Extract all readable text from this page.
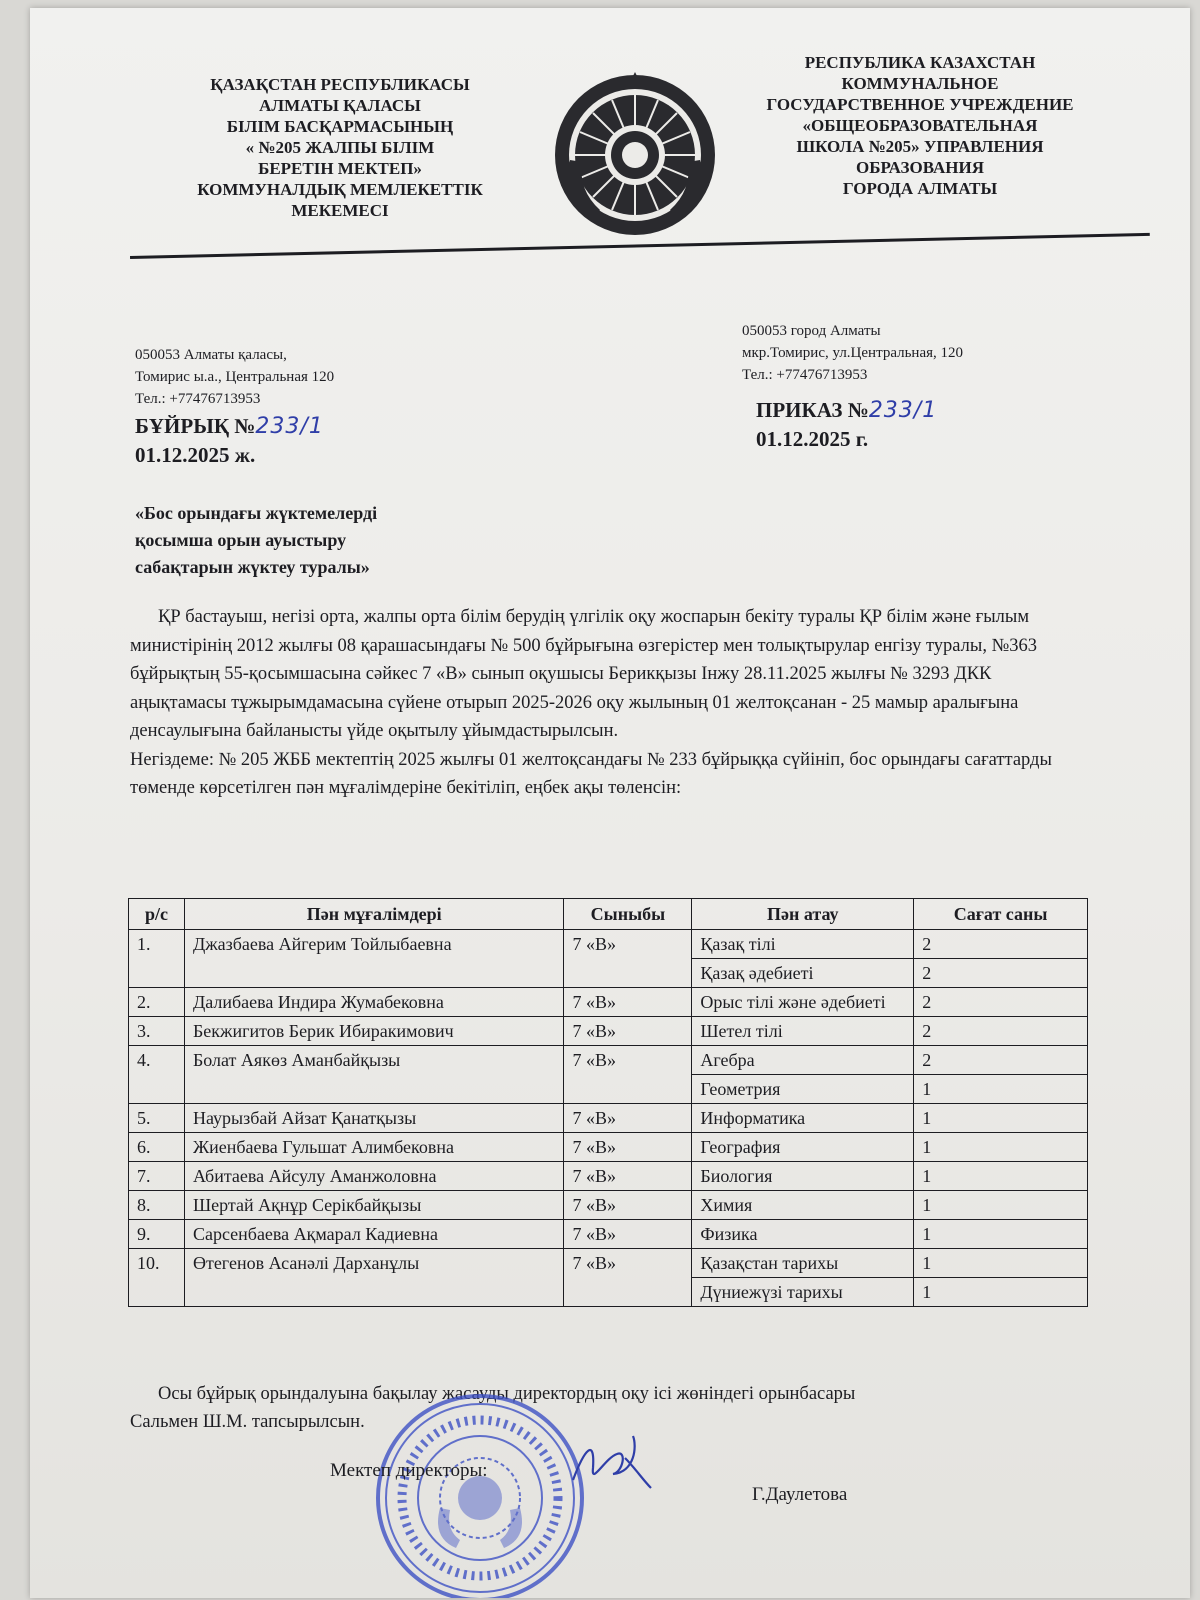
ҚАЗАҚСТАН РЕСПУБЛИКАСЫ
АЛМАТЫ ҚАЛАСЫ
БІЛІМ БАСҚАРМАСЫНЫҢ
« №205 ЖАЛПЫ БІЛІМ
БЕРЕТІН МЕКТЕП»
КОММУНАЛДЫҚ МЕМЛЕКЕТТІК
МЕКЕМЕСІ
РЕСПУБЛИКА КАЗАХСТАН
КОММУНАЛЬНОЕ
ГОСУДАРСТВЕННОЕ УЧРЕЖДЕНИЕ
«ОБЩЕОБРАЗОВАТЕЛЬНАЯ
ШКОЛА №205» УПРАВЛЕНИЯ
ОБРАЗОВАНИЯ
ГОРОДА АЛМАТЫ
050053 Алматы қаласы,
Томирис ы.а., Центральная 120
Тел.: +77476713953
050053 город Алматы
мкр.Томирис, ул.Центральная, 120
Тел.: +77476713953
БҰЙРЫҚ №233/1
01.12.2025 ж.
ПРИКАЗ №233/1
01.12.2025 г.
«Бос орындағы жүктемелерді
қосымша орын ауыстыру
сабақтарын жүктеу туралы»

ҚР бастауыш, негізі орта, жалпы орта білім берудің үлгілік оқу жоспарын бекіту туралы ҚР білім және ғылым министірінің 2012 жылғы 08 қарашасындағы № 500 бұйрығына өзгерістер мен толықтырулар енгізу туралы, №363 бұйрықтың 55-қосымшасына сәйкес 7 «В» сынып оқушысы Берикқызы Інжу 28.11.2025 жылғы № 3293 ДКК аңықтамасы тұжырымдамасына сүйене отырып 2025-2026 оқу жылының 01 желтоқсанан - 25 мамыр аралығына денсаулығына байланысты үйде оқытылу ұйымдастырылсын.

Негіздеме: № 205 ЖББ мектептің 2025 жылғы 01 желтоқсандағы № 233 бұйрыққа сүйініп, бос орындағы сағаттарды төменде көрсетілген пән мұғалімдеріне бекітіліп, еңбек ақы төленсін:

р/с	Пән мұғалімдері	Сыныбы	Пән атау	Сағат саны
1.	Джазбаева Айгерим Тойлыбаевна	7 «В»	Қазақ тілі	2
			Қазақ әдебиеті	2
2.	Далибаева Индира Жумабековна	7 «В»	Орыс тілі және әдебиеті	2
3.	Бекжигитов Берик Ибиракимович	7 «В»	Шетел тілі	2
4.	Болат Аякөз Аманбайқызы	7 «В»	Агебра	2
			Геометрия	1
5.	Наурызбай Айзат Қанатқызы	7 «В»	Информатика	1
6.	Жиенбаева Гульшат Алимбековна	7 «В»	География	1
7.	Абитаева Айсулу Аманжоловна	7 «В»	Биология	1
8.	Шертай Ақнұр Серікбайқызы	7 «В»	Химия	1
9.	Сарсенбаева Ақмарал Кадиевна	7 «В»	Физика	1
10.	Өтегенов Асанәлі Дарханұлы	7 «В»	Қазақстан тарихы	1
			Дүниежүзі тарихы	1

Осы бұйрық орындалуына бақылау жасауды директордың оқу ісі жөніндегі орынбасары

Сальмен Ш.М. тапсырылсын.

Мектеп директоры:
Г.Даулетова
